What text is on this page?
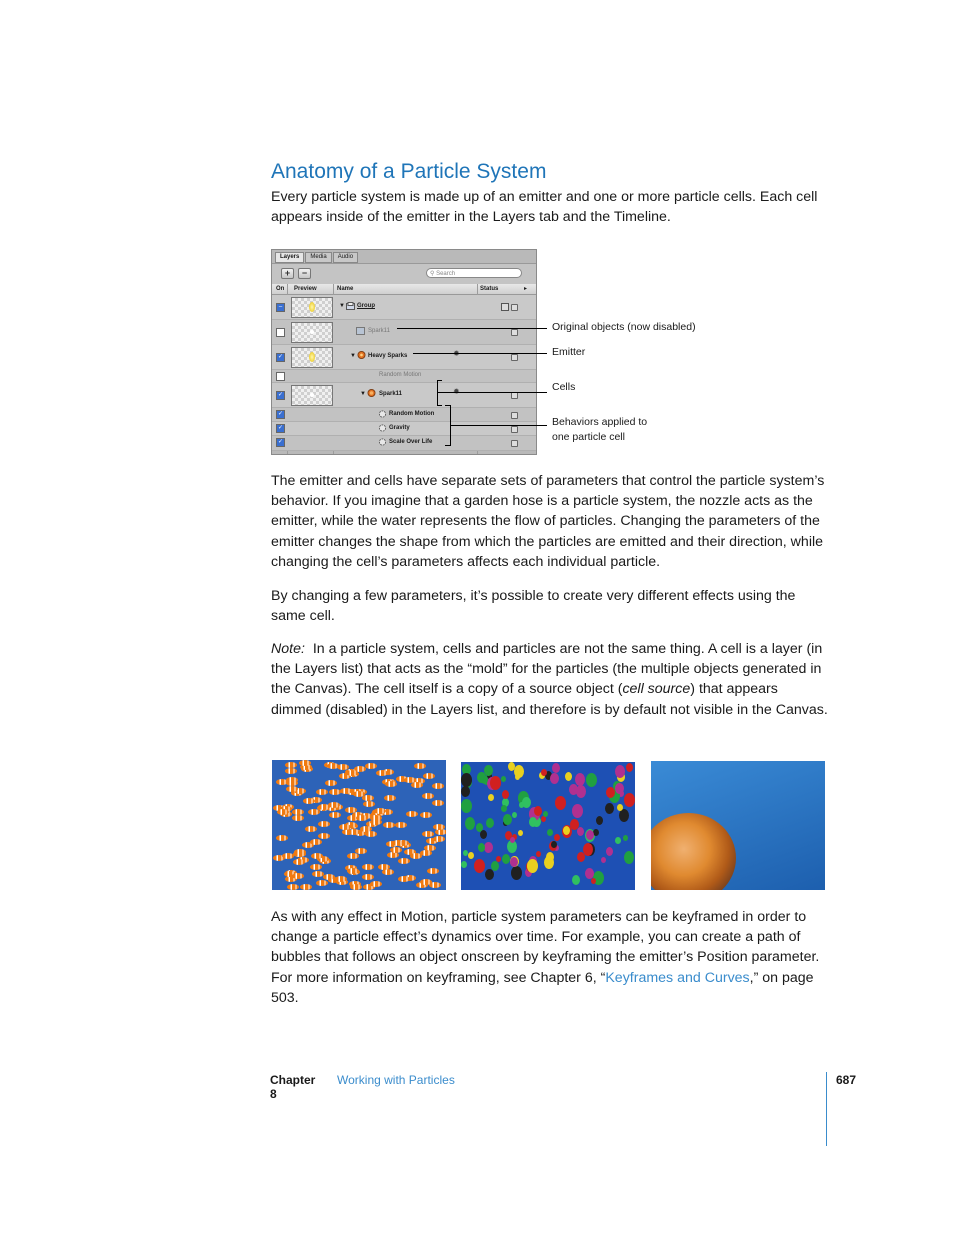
Anatomy of a Particle System

Every particle system is made up of an emitter and one or more particle cells. Each cell appears inside of the emitter in the Layers tab and the Timeline.

Layers	Media	Audio
+	−	⚲ Search
On Preview	Name	Status	▸
–	▼ Group
Spark11
✓	▼ Heavy Sparks
Random Motion
✓	▼ Spark11
✓	Random Motion
✓	Gravity
✓	Scale Over Life
Original objects (now disabled)
Emitter
Cells
Behaviors applied to
one particle cell

The emitter and cells have separate sets of parameters that control the particle system’s behavior. If you imagine that a garden hose is a particle system, the nozzle acts as the emitter, while the water represents the flow of particles. Changing the parameters of the emitter changes the shape from which the particles are emitted and their direction, while changing the cell’s parameters affects each individual particle.

By changing a few parameters, it’s possible to create very different effects using the same cell.

Note: In a particle system, cells and particles are not the same thing. A cell is a layer (in the Layers list) that acts as the “mold” for the particles (the multiple objects generated in the Canvas). The cell itself is a copy of a source object (cell source) that appears dimmed (disabled) in the Layers list, and therefore is by default not visible in the Canvas.

As with any effect in Motion, particle system parameters can be keyframed in order to change a particle effect’s dynamics over time. For example, you can create a path of bubbles that follows an object onscreen by keyframing the emitter’s Position parameter. For more information on keyframing, see Chapter 6, “Keyframes and Curves,” on page 503.

Chapter 8
Working with Particles	687
